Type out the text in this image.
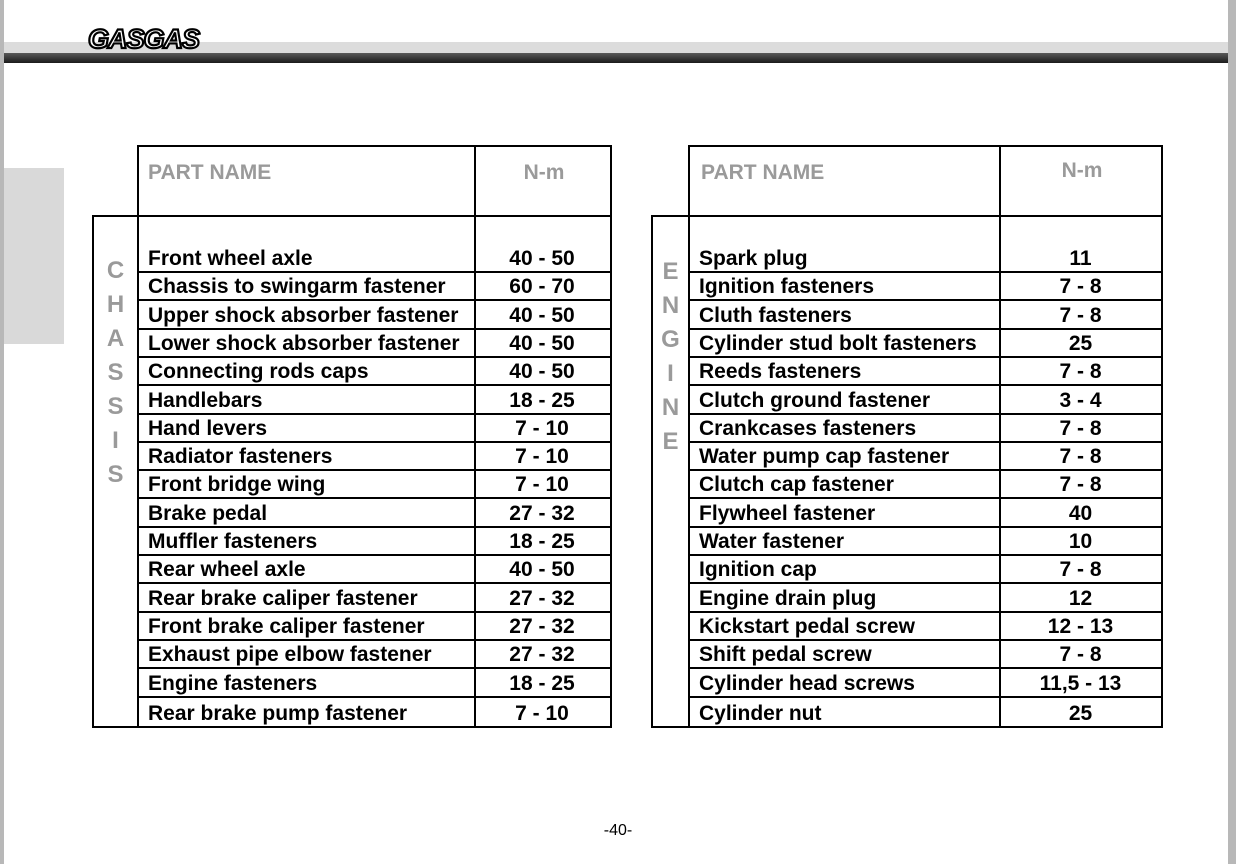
GASGAS
PART NAME	N-m
C
H
A
S
S
I
S
Front wheel axle	40 - 50
Chassis to swingarm fastener	60 - 70
Upper shock absorber fastener	40 - 50
Lower shock absorber fastener	40 - 50
Connecting rods caps	40 - 50
Handlebars	18 - 25
Hand levers	7 - 10
Radiator fasteners	7 - 10
Front bridge wing	7 - 10
Brake pedal	27 - 32
Muffler fasteners	18 - 25
Rear wheel axle	40 - 50
Rear brake caliper fastener	27 - 32
Front brake caliper fastener	27 - 32
Exhaust pipe elbow fastener	27 - 32
Engine fasteners	18 - 25
Rear brake pump fastener	7 - 10
PART NAME	N-m
E
N
G
I
N
E
Spark plug	11
Ignition fasteners	7 - 8
Cluth fasteners	7 - 8
Cylinder stud bolt fasteners	25
Reeds fasteners	7 - 8
Clutch ground fastener	3 - 4
Crankcases fasteners	7 - 8
Water pump cap fastener	7 - 8
Clutch cap fastener	7 - 8
Flywheel fastener	40
Water fastener	10
Ignition cap	7 - 8
Engine drain plug	12
Kickstart pedal screw	12 - 13
Shift pedal screw	7 - 8
Cylinder head screws	11,5 - 13
Cylinder nut	25
-40-
